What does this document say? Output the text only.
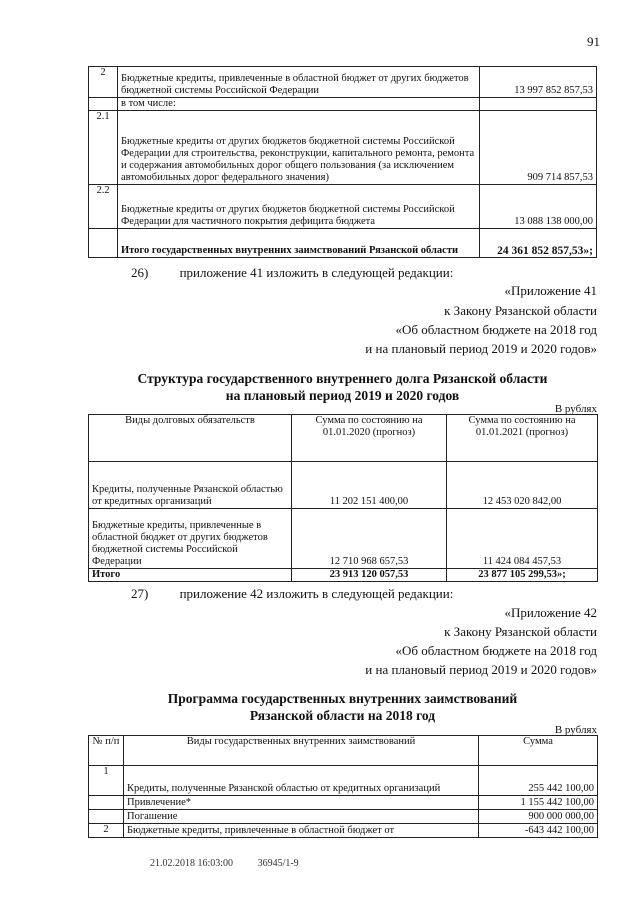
91
2	Бюджетные кредиты, привлеченные в областной бюджет от других бюджетов бюджетной системы Российской Федерации	13 997 852 857,53
	в том числе:	
2.1	Бюджетные кредиты от других бюджетов бюджетной системы Российской Федерации для строительства, реконструкции, капитального ремонта, ремонта и содержания автомобильных дорог общего пользования (за исключением автомобильных дорог федерального значения)	909 714 857,53
2.2	Бюджетные кредиты от других бюджетов бюджетной системы Российской Федерации для частичного покрытия дефицита бюджета	13 088 138 000,00
	Итого государственных внутренних заимствований Рязанской области	24 361 852 857,53»;
26) приложение 41 изложить в следующей редакции:
«Приложение 41
к Закону Рязанской области
«Об областном бюджете на 2018 год
и на плановый период 2019 и 2020 годов»
Структура государственного внутреннего долга Рязанской области
на плановый период 2019 и 2020 годов
В рублях
Виды долговых обязательств	Сумма по состоянию на 01.01.2020 (прогноз)	Сумма по состоянию на 01.01.2021 (прогноз)
Кредиты, полученные Рязанской областью от кредитных организаций	11 202 151 400,00	12 453 020 842,00
Бюджетные кредиты, привлеченные в областной бюджет от других бюджетов бюджетной системы Российской Федерации	12 710 968 657,53	11 424 084 457,53
Итого	23 913 120 057,53	23 877 105 299,53»;
27) приложение 42 изложить в следующей редакции:
«Приложение 42
к Закону Рязанской области
«Об областном бюджете на 2018 год
и на плановый период 2019 и 2020 годов»
Программа государственных внутренних заимствований
Рязанской области на 2018 год
В рублях
№ п/п	Виды государственных внутренних заимствований	Сумма
1	Кредиты, полученные Рязанской областью от кредитных организаций	255 442 100,00
	Привлечение*	1 155 442 100,00
	Погашение	900 000 000,00
2	Бюджетные кредиты, привлеченные в областной бюджет от	-643 442 100,00
21.02.2018 16:03:00 36945/1-9
